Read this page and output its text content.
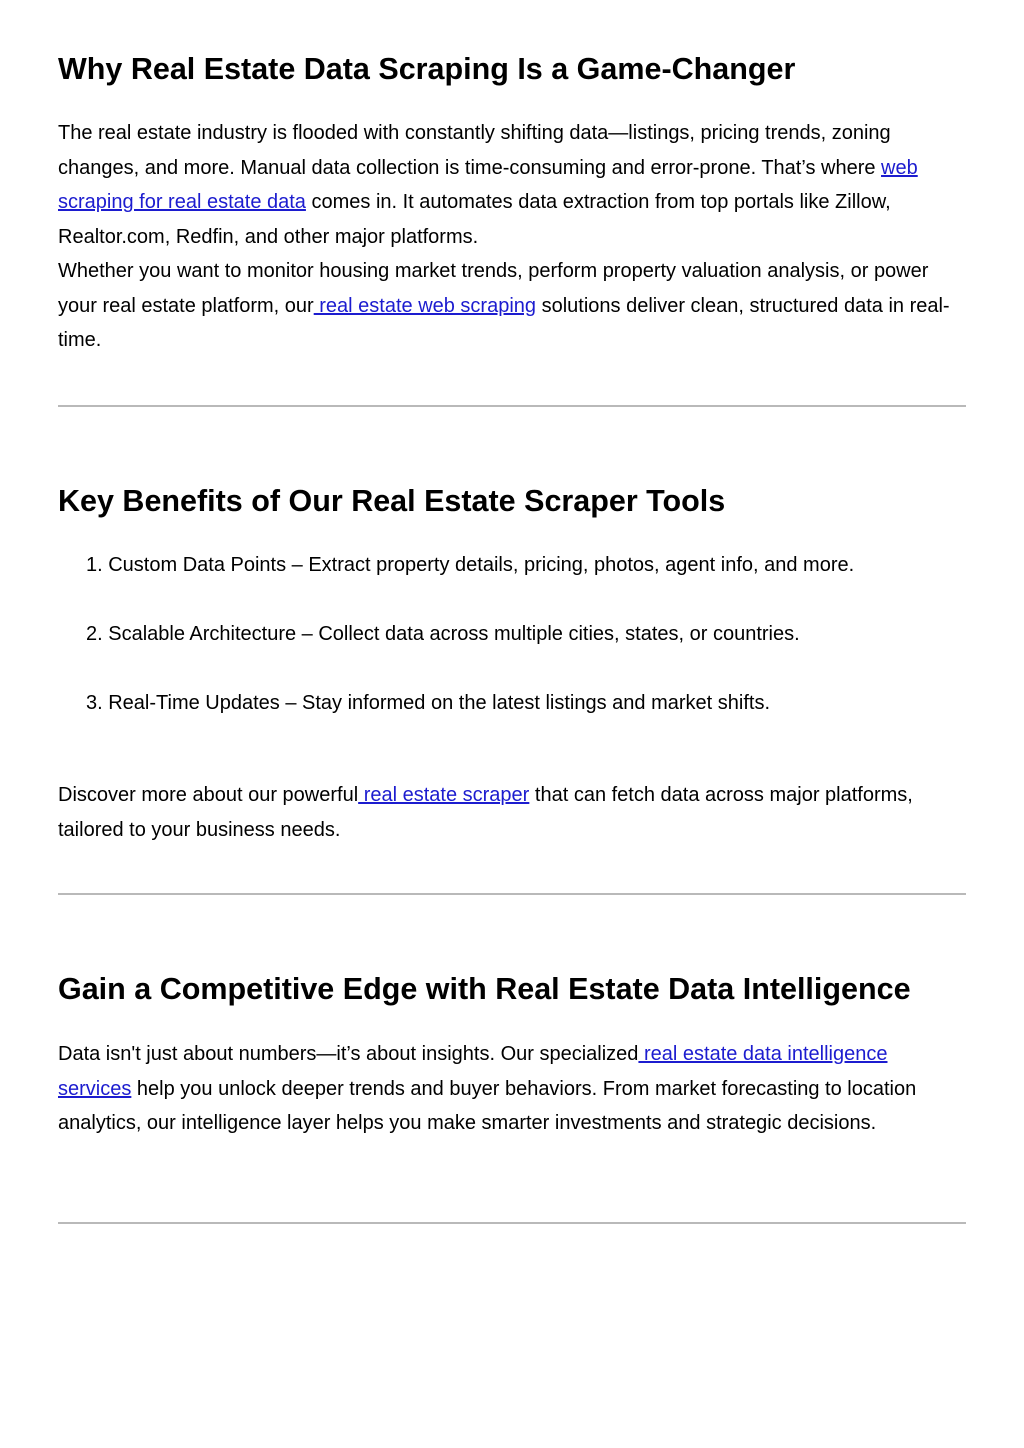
Why Real Estate Data Scraping Is a Game-Changer

The real estate industry is flooded with constantly shifting data—listings, pricing trends, zoning changes, and more. Manual data collection is time-consuming and error-prone. That’s where web scraping for real estate data comes in. It automates data extraction from top portals like Zillow, Realtor.com, Redfin, and other major platforms.

Whether you want to monitor housing market trends, perform property valuation analysis, or power your real estate platform, our real estate web scraping solutions deliver clean, structured data in real-time.

Key Benefits of Our Real Estate Scraper Tools
1. Custom Data Points – Extract property details, pricing, photos, agent info, and more.
2. Scalable Architecture – Collect data across multiple cities, states, or countries.
3. Real-Time Updates – Stay informed on the latest listings and market shifts.

Discover more about our powerful real estate scraper that can fetch data across major platforms, tailored to your business needs.

Gain a Competitive Edge with Real Estate Data Intelligence

Data isn't just about numbers—it’s about insights. Our specialized real estate data intelligence services help you unlock deeper trends and buyer behaviors. From market forecasting to location analytics, our intelligence layer helps you make smarter investments and strategic decisions.
